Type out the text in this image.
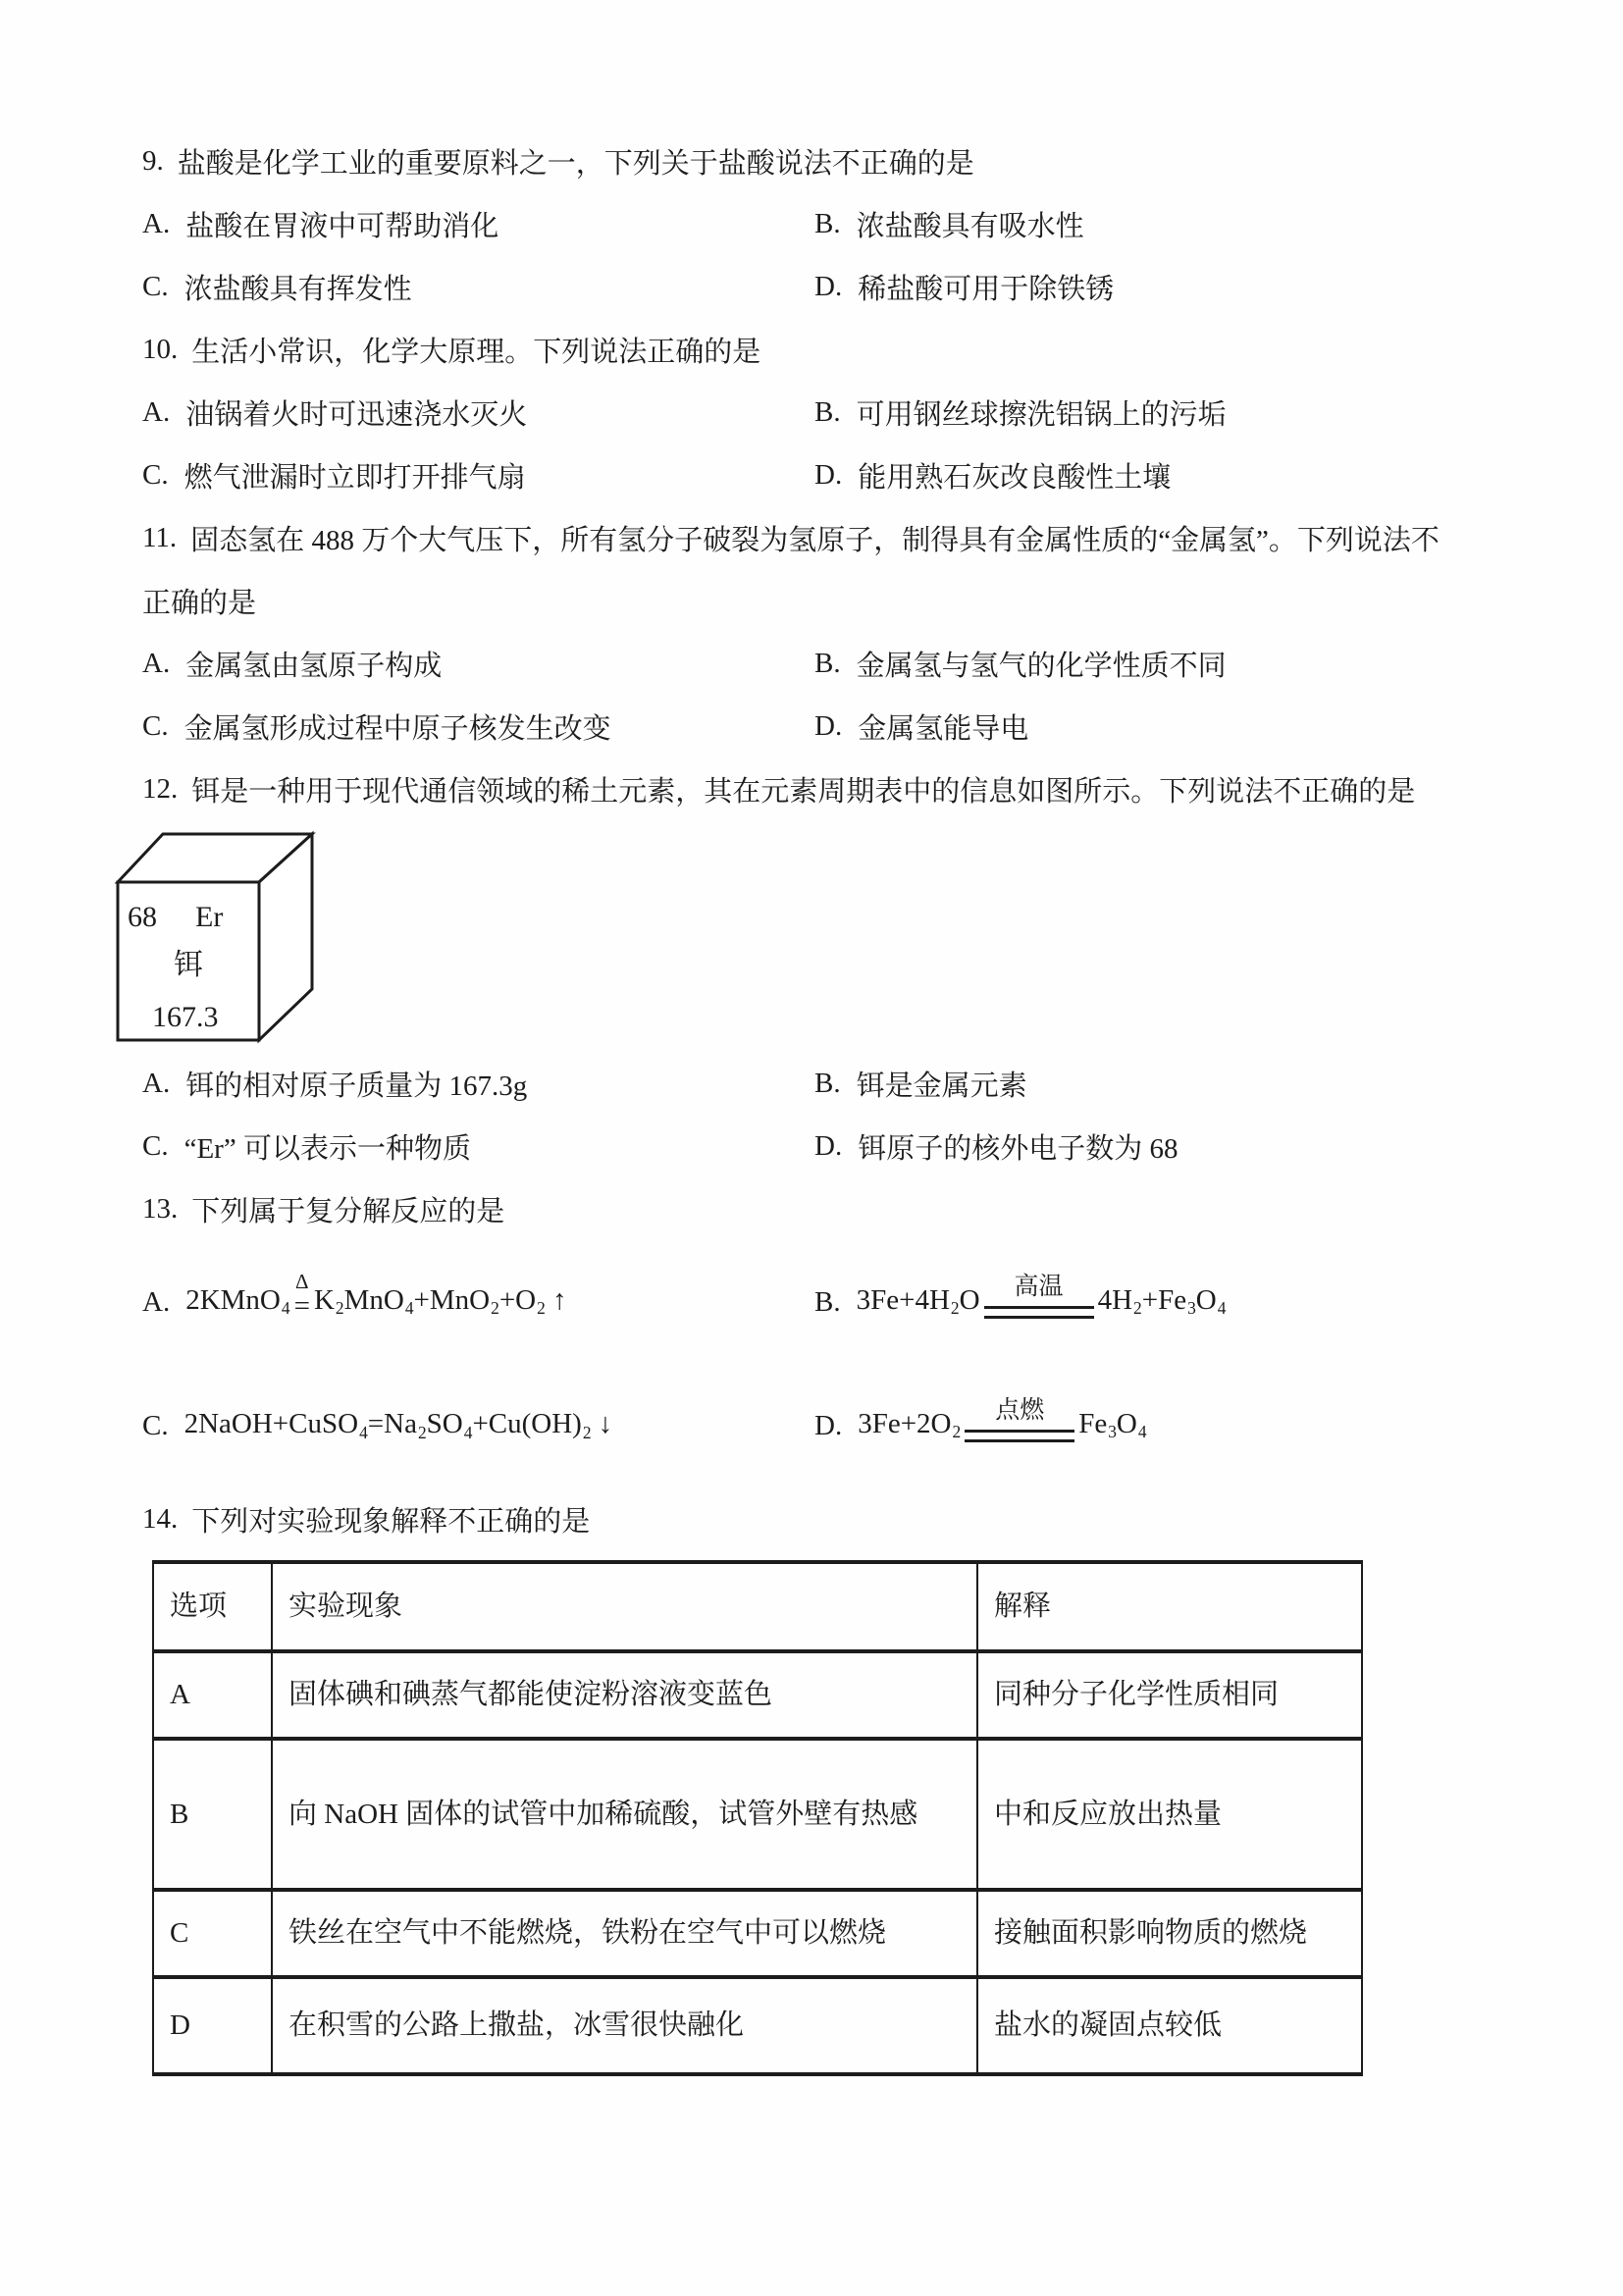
9. 盐酸是化学工业的重要原料之一，下列关于盐酸说法不正确的是
A. 盐酸在胃液中可帮助消化	B. 浓盐酸具有吸水性
C. 浓盐酸具有挥发性	D. 稀盐酸可用于除铁锈
10. 生活小常识，化学大原理。下列说法正确的是
A. 油锅着火时可迅速浇水灭火	B. 可用钢丝球擦洗铝锅上的污垢
C. 燃气泄漏时立即打开排气扇	D. 能用熟石灰改良酸性土壤
11. 固态氢在 488 万个大气压下，所有氢分子破裂为氢原子，制得具有金属性质的“金属氢”。下列说法不
正确的是
A. 金属氢由氢原子构成	B. 金属氢与氢气的化学性质不同
C. 金属氢形成过程中原子核发生改变	D. 金属氢能导电
12. 铒是一种用于现代通信领域的稀土元素，其在元素周期表中的信息如图所示。下列说法不正确的是
68 Er
铒
167.3
A. 铒的相对原子质量为 167.3g	B. 铒是金属元素
C. “Er” 可以表示一种物质	D. 铒原子的核外电子数为 68
13. 下列属于复分解反应的是
A. 2KMnO$_4$
Δ
= $K_2MnO_4+MnO_2+O_2$ ↑	B. $3Fe+4H_2O$ 高温 $4H_2+Fe_3O_4$
C. $2NaOH+CuSO_4=Na_2SO_4+Cu(OH)_2$ ↓	D. $3Fe+2O_2$
点燃 $Fe_3O_4$
14. 下列对实验现象解释不正确的是
选项	实验现象	解释
A	固体碘和碘蒸气都能使淀粉溶液变蓝色	同种分子化学性质相同
B	向 NaOH 固体的试管中加稀硫酸，试管外壁有热感	中和反应放出热量
C	铁丝在空气中不能燃烧，铁粉在空气中可以燃烧	接触面积影响物质的燃烧
D	在积雪的公路上撒盐，冰雪很快融化	盐水的凝固点较低
